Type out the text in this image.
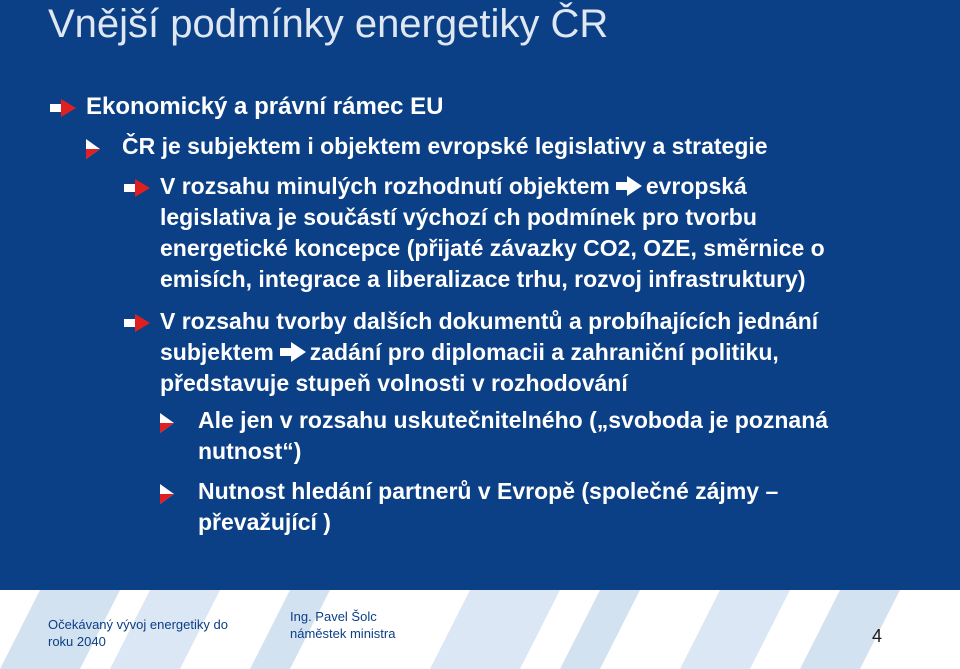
Vnější podmínky energetiky ČR

Ekonomický a právní rámec EU

ČR je subjektem i objektem evropské legislativy a strategie

V rozsahu minulých rozhodnutí objektem evropská

legislativa je součástí výchozí ch podmínek pro tvorbu

energetické koncepce (přijaté závazky CO2, OZE, směrnice o

emisích, integrace a liberalizace trhu, rozvoj infrastruktury)

V rozsahu tvorby dalších dokumentů a probíhajících jednání

subjektem zadání pro diplomacii a zahraniční politiku,

představuje stupeň volnosti v rozhodování

Ale jen v rozsahu uskutečnitelného („svoboda je poznaná

nutnost“)

Nutnost hledání partnerů v Evropě (společné zájmy –

převažující )

Očekávaný vývoj energetiky do roku 2040
Ing. Pavel Šolc
náměstek ministra	4
